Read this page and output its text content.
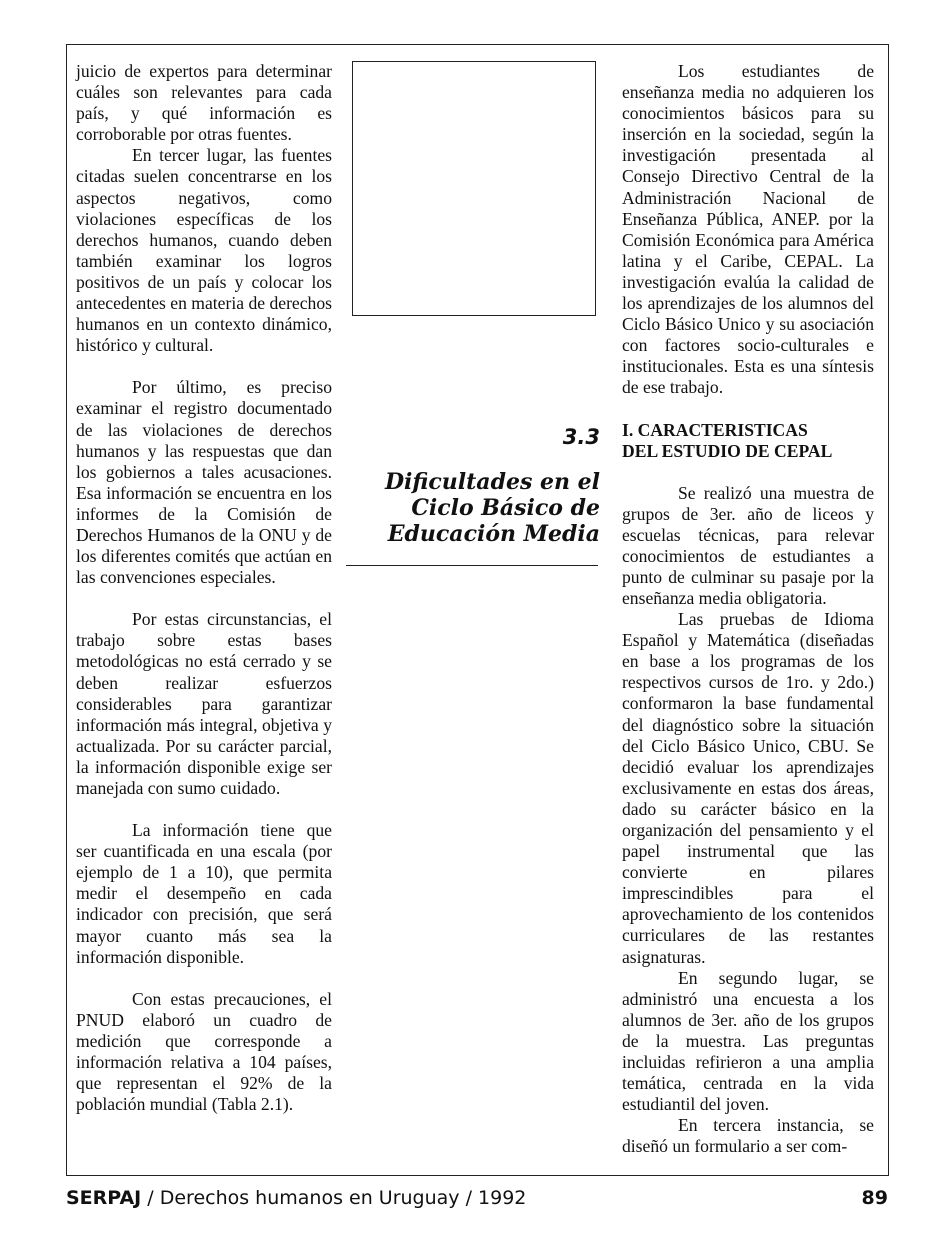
juicio de expertos para determinar cuáles son relevantes para cada país, y qué información es corroborable por otras fuentes.

En tercer lugar, las fuentes citadas suelen concentrarse en los aspectos negativos, como violaciones específicas de los derechos humanos, cuando deben también examinar los logros positivos de un país y colocar los antecedentes en materia de derechos humanos en un contexto dinámico, histórico y cultural.

Por último, es preciso examinar el registro documentado de las violaciones de derechos humanos y las respuestas que dan los gobiernos a tales acusaciones. Esa información se encuentra en los informes de la Comisión de Derechos Humanos de la ONU y de los diferentes comités que actúan en las convenciones especiales.

Por estas circunstancias, el trabajo sobre estas bases metodológicas no está cerrado y se deben realizar esfuerzos considerables para garantizar información más integral, objetiva y actualizada. Por su carácter parcial, la información disponible exige ser manejada con sumo cuidado.

La información tiene que ser cuantificada en una escala (por ejemplo de 1 a 10), que permita medir el desempeño en cada indicador con precisión, que será mayor cuanto más sea la información disponible.

Con estas precauciones, el PNUD elaboró un cuadro de medición que corresponde a información relativa a 104 países, que representan el 92% de la población mundial (Tabla 2.1).

3.3
Dificultades en el
Ciclo Básico de
Educación Media

Los estudiantes de enseñanza media no adquieren los conocimientos básicos para su inserción en la sociedad, según la investigación presentada al Consejo Directivo Central de la Administración Nacional de Enseñanza Pública, ANEP. por la Comisión Económica para América latina y el Caribe, CEPAL. La investigación evalúa la calidad de los aprendizajes de los alumnos del Ciclo Básico Unico y su asociación con factores socio-culturales e institucionales. Esta es una síntesis de ese trabajo.

I. CARACTERISTICAS
DEL ESTUDIO DE CEPAL

Se realizó una muestra de grupos de 3er. año de liceos y escuelas técnicas, para relevar conocimientos de estudiantes a punto de culminar su pasaje por la enseñanza media obligatoria.

Las pruebas de Idioma Español y Matemática (diseñadas en base a los programas de los respectivos cursos de 1ro. y 2do.) conformaron la base fundamental del diagnóstico sobre la situación del Ciclo Básico Unico, CBU. Se decidió evaluar los aprendizajes exclusivamente en estas dos áreas, dado su carácter básico en la organización del pensamiento y el papel instrumental que las convierte en pilares imprescindibles para el aprovechamiento de los contenidos curriculares de las restantes asignaturas.

En segundo lugar, se administró una encuesta a los alumnos de 3er. año de los grupos de la muestra. Las preguntas incluidas refirieron a una amplia temática, centrada en la vida estudiantil del joven.

En tercera instancia, se diseñó un formulario a ser com-

SERPAJ / Derechos humanos en Uruguay / 1992	89
